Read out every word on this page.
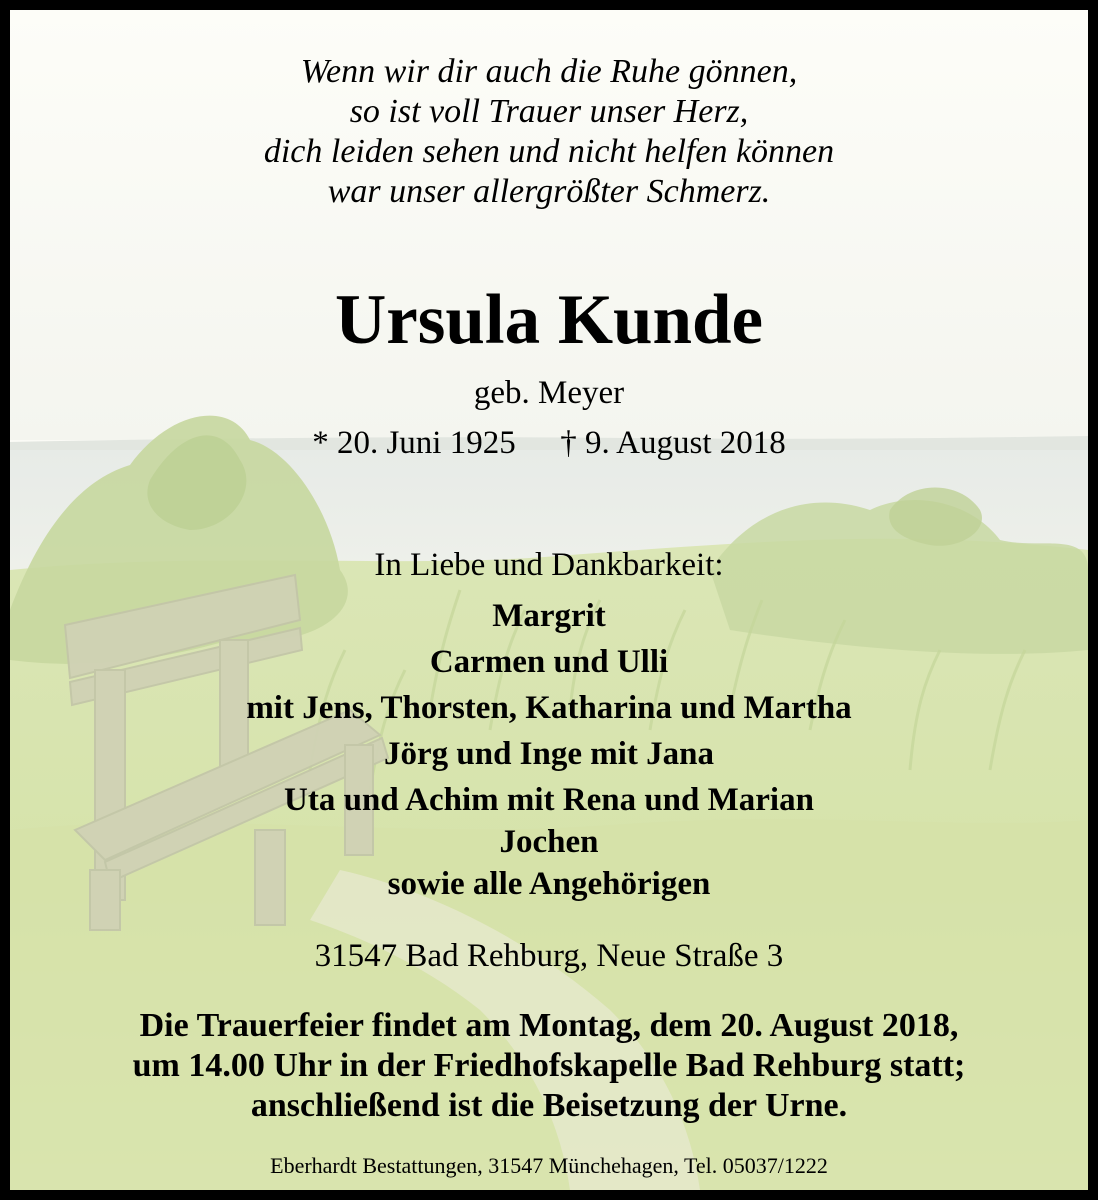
Wenn wir dir auch die Ruhe gönnen,
so ist voll Trauer unser Herz,
dich leiden sehen und nicht helfen können
war unser allergrößter Schmerz.
Ursula Kunde
geb. Meyer
* 20. Juni 1925 † 9. August 2018
In Liebe und Dankbarkeit:
Margrit
Carmen und Ulli
mit Jens, Thorsten, Katharina und Martha
Jörg und Inge mit Jana
Uta und Achim mit Rena und Marian
Jochen
sowie alle Angehörigen
31547 Bad Rehburg, Neue Straße 3
Die Trauerfeier findet am Montag, dem 20. August 2018,
um 14.00 Uhr in der Friedhofskapelle Bad Rehburg statt;
anschließend ist die Beisetzung der Urne.
Eberhardt Bestattungen, 31547 Münchehagen, Tel. 05037/1222
